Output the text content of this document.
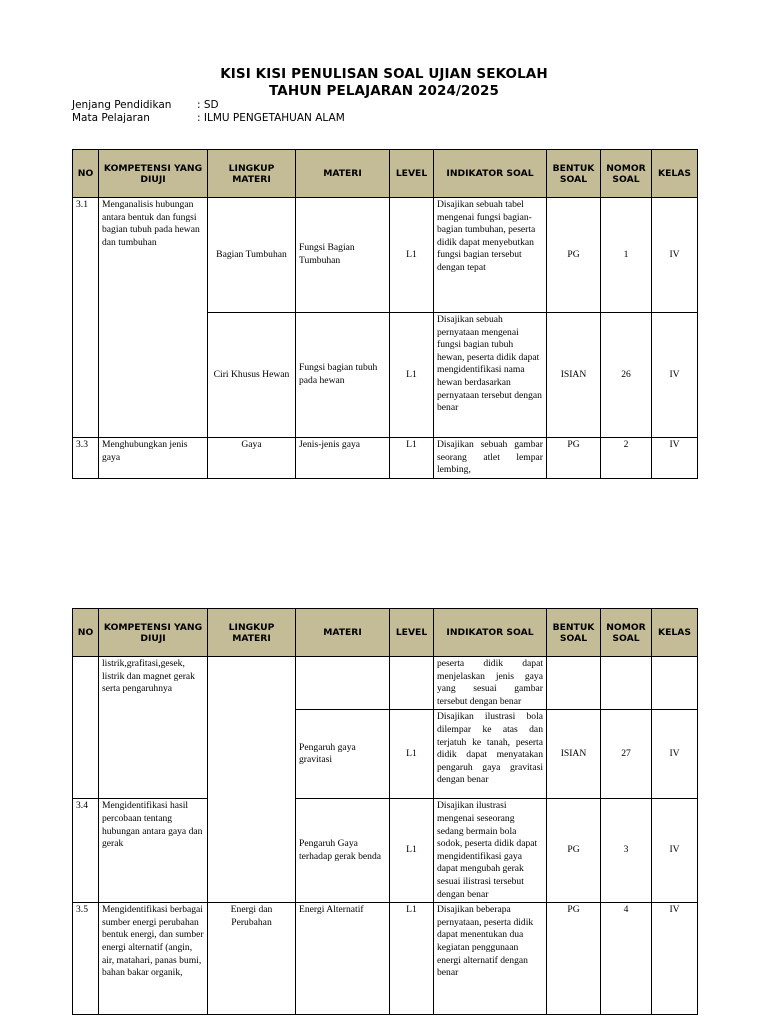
KISI KISI PENULISAN SOAL UJIAN SEKOLAH
TAHUN PELAJARAN 2024/2025
Jenjang Pendidikan : SD
Mata Pelajaran	: ILMU PENGETAHUAN ALAM
NO	KOMPETENSI YANG DIUJI	LINGKUP MATERI	MATERI	LEVEL	INDIKATOR SOAL	BENTUK SOAL	NOMOR SOAL	KELAS
3.1	Menganalisis hubungan antara bentuk dan fungsi bagian tubuh pada hewan dan tumbuhan	Bagian Tumbuhan	Fungsi Bagian Tumbuhan	L1	Disajikan sebuah tabel mengenai fungsi bagian-bagian tumbuhan, peserta didik dapat menyebutkan fungsi bagian tersebut dengan tepat	PG	1	IV
		Ciri Khusus Hewan	Fungsi bagian tubuh pada hewan	L1	Disajikan sebuah pernyataan mengenai fungsi bagian tubuh hewan, peserta didik dapat mengidentifikasi nama hewan berdasarkan pernyataan tersebut dengan benar	ISIAN	26	IV
3.3	Menghubungkan jenis gaya	Gaya	Jenis-jenis gaya	L1	Disajikan sebuah gambar seorang atlet lempar lembing,	PG	2	IV
NO	KOMPETENSI YANG DIUJI	LINGKUP MATERI	MATERI	LEVEL	INDIKATOR SOAL	BENTUK SOAL	NOMOR SOAL	KELAS
	listrik,grafitasi,gesek, listrik dan magnet gerak serta pengaruhnya				peserta didik dapat menjelaskan jenis gaya yang sesuai gambar tersebut dengan benar			
			Pengaruh gaya gravitasi	L1	Disajikan ilustrasi bola dilempar ke atas dan terjatuh ke tanah, peserta didik dapat menyatakan pengaruh gaya gravitasi dengan benar	ISIAN	27	IV
3.4	Mengidentifikasi hasil percobaan tentang hubungan antara gaya dan gerak		Pengaruh Gaya terhadap gerak benda	L1	Disajikan ilustrasi mengenai seseorang sedang bermain bola sodok, peserta didik dapat mengidentifikasi gaya dapat mengubah gerak sesuai ilistrasi tersebut dengan benar	PG	3	IV
3.5	Mengidentifikasi berbagai sumber energi perubahan bentuk energi, dan sumber energi alternatif (angin, air, matahari, panas bumi, bahan bakar organik,	Energi dan Perubahan	Energi Alternatif	L1	Disajikan beberapa pernyataan, peserta didik dapat menentukan dua kegiatan penggunaan energi alternatif dengan benar	PG	4	IV
